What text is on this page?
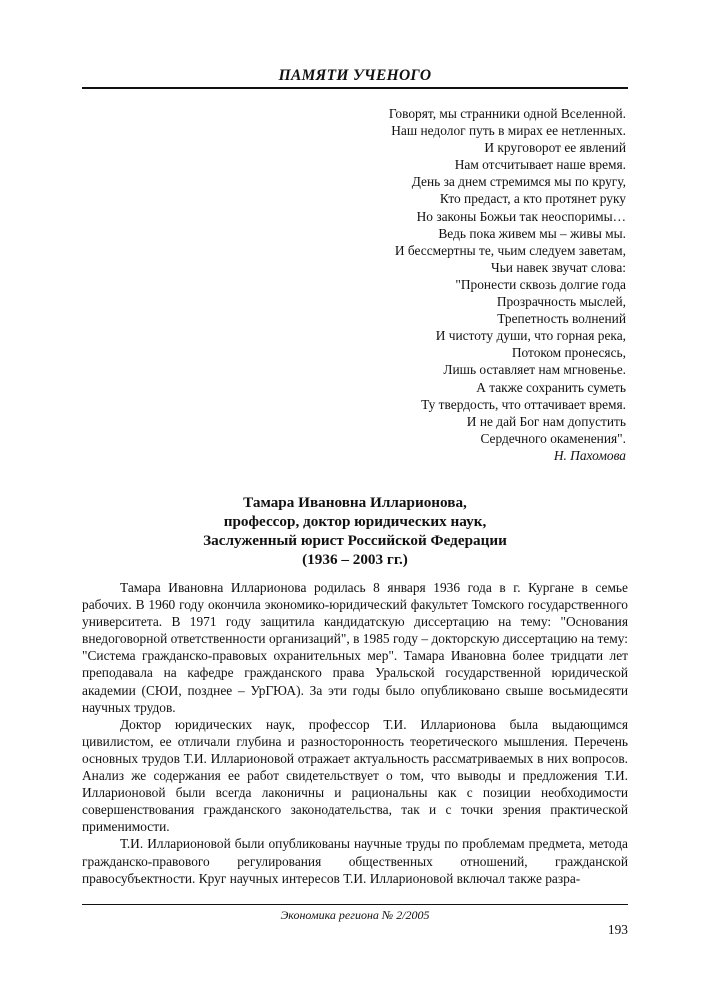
ПАМЯТИ УЧЕНОГО
Говорят, мы странники одной Вселенной.
Наш недолог путь в мирах ее нетленных.
И круговорот ее явлений
Нам отсчитывает наше время.
День за днем стремимся мы по кругу,
Кто предаст, а кто протянет руку
Но законы Божьи так неоспоримы…
Ведь пока живем мы – живы мы.
И бессмертны те, чьим следуем заветам,
Чьи навек звучат слова:
"Пронести сквозь долгие года
Прозрачность мыслей,
Трепетность волнений
И чистоту души, что горная река,
Потоком пронесясь,
Лишь оставляет нам мгновенье.
А также сохранить суметь
Ту твердость, что оттачивает время.
И не дай Бог нам допустить
Сердечного окаменения".
Н. Пахомова
Тамара Ивановна Илларионова,
профессор, доктор юридических наук,
Заслуженный юрист Российской Федерации
(1936 – 2003 гг.)

Тамара Ивановна Илларионова родилась 8 января 1936 года в г. Кургане в семье рабочих. В 1960 году окончила экономико-юридический факультет Томского государственного университета. В 1971 году защитила кандидатскую диссертацию на тему: "Основания внедоговорной ответственности организаций", в 1985 году – докторскую диссертацию на тему: "Система гражданско-правовых охранительных мер". Тамара Ивановна более тридцати лет преподавала на кафедре гражданского права Уральской государственной юридической академии (СЮИ, позднее – УрГЮА). За эти годы было опубликовано свыше восьмидесяти научных трудов.

Доктор юридических наук, профессор Т.И. Илларионова была выдающимся цивилистом, ее отличали глубина и разносторонность теоретического мышления. Перечень основных трудов Т.И. Илларионовой отражает актуальность рассматриваемых в них вопросов. Анализ же содержания ее работ свидетельствует о том, что выводы и предложения Т.И. Илларионовой были всегда лаконичны и рациональны как с позиции необходимости совершенствования гражданского законодательства, так и с точки зрения практической применимости.

Т.И. Илларионовой были опубликованы научные труды по проблемам предмета, метода гражданско-правового регулирования общественных отношений, гражданской правосубъектности. Круг научных интересов Т.И. Илларионовой включал также разра-

Экономика региона № 2/2005
193
